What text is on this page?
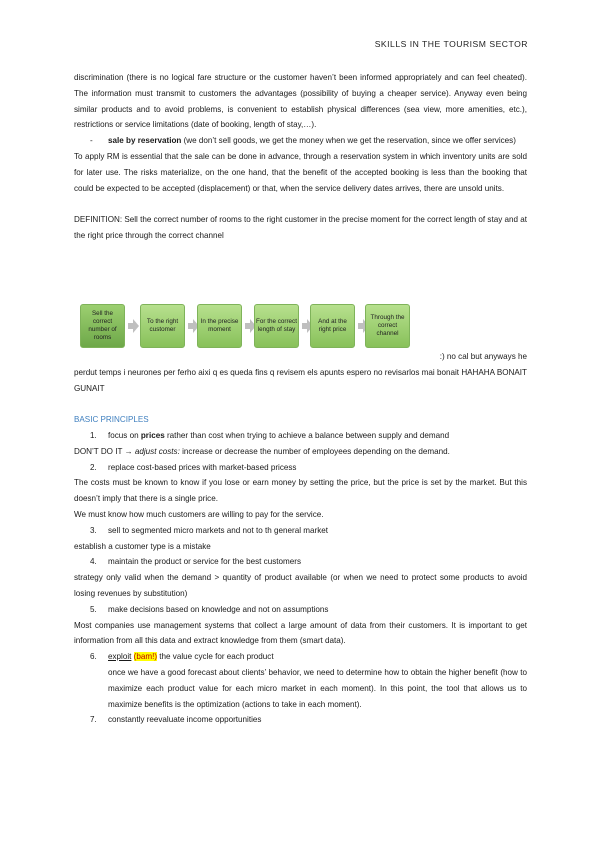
SKILLS IN THE TOURISM SECTOR

discrimination (there is no logical fare structure or the customer haven’t been informed appropriately and can feel cheated). The information must transmit to customers the advantages (possibility of buying a cheaper service). Anyway even being similar products and to avoid problems, is convenient to establish physical differences (sea view, more amenities, etc.), restrictions or service limitations (date of booking, length of stay,…).

- sale by reservation (we don’t sell goods, we get the money when we get the reservation, since we offer services)

To apply RM is essential that the sale can be done in advance, through a reservation system in which inventory units are sold for later use. The risks materialize, on the one hand, that the benefit of the accepted booking is less than the booking that could be expected to be accepted (displacement) or that, when the service delivery dates arrives, there are unsold units.

DEFINITION: Sell the correct number of rooms to the right customer in the precise moment for the correct length of stay and at the right price through the correct channel

Sell the correct number of rooms
To the right customer
In the precise moment
For the correct length of stay
And at the right price
Through the correct channel

:) no cal but anyways he

perdut temps i neurones per ferho aixi q es queda fins q revisem els apunts espero no revisarlos mai bonait HAHAHA BONAIT GUNAIT

BASIC PRINCIPLES

1. focus on prices rather than cost when trying to achieve a balance between supply and demand

DON’T DO IT → adjust costs: increase or decrease the number of employees depending on the demand.

2. replace cost-based prices with market-based pricess

The costs must be known to know if you lose or earn money by setting the price, but the price is set by the market. But this doesn’t imply that there is a single price.

We must know how much customers are willing to pay for the service.

3. sell to segmented micro markets and not to th general market

establish a customer type is a mistake

4. maintain the product or service for the best customers

strategy only valid when the demand > quantity of product available (or when we need to protect some products to avoid losing revenues by substitution)

5. make decisions based on knowledge and not on assumptions

Most companies use management systems that collect a large amount of data from their customers. It is important to get information from all this data and extract knowledge from them (smart data).

6. exploit (bam!) the value cycle for each product

once we have a good forecast about clients’ behavior, we need to determine how to obtain the higher benefit (how to maximize each product value for each micro market in each moment). In this point, the tool that allows us to maximize benefits is the optimization (actions to take in each moment).

7. constantly reevaluate income opportunities
